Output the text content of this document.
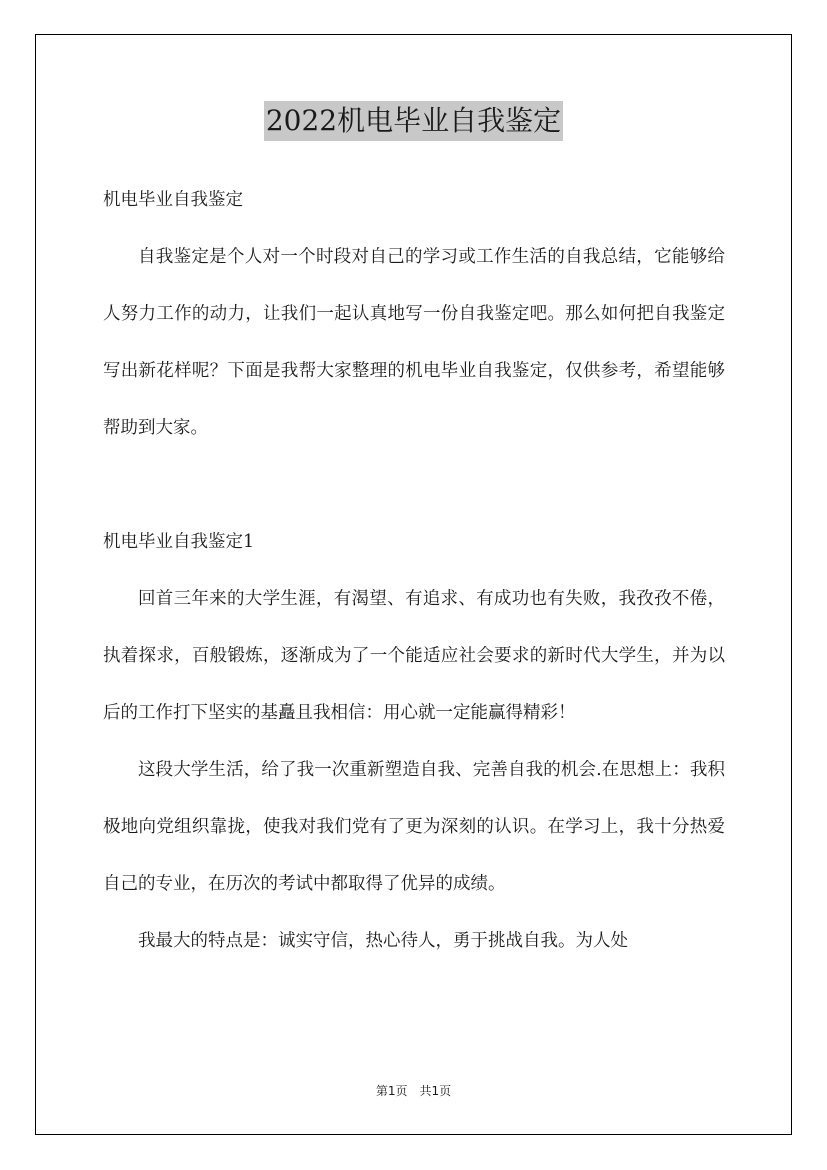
2022机电毕业自我鉴定

机电毕业自我鉴定

自我鉴定是个人对一个时段对自己的学习或工作生活的自我总结，它能够给人努力工作的动力，让我们一起认真地写一份自我鉴定吧。那么如何把自我鉴定写出新花样呢？下面是我帮大家整理的机电毕业自我鉴定，仅供参考，希望能够帮助到大家。

机电毕业自我鉴定1

回首三年来的大学生涯，有渴望、有追求、有成功也有失败，我孜孜不倦，执着探求，百般锻炼，逐渐成为了一个能适应社会要求的新时代大学生，并为以后的工作打下坚实的基矗且我相信：用心就一定能赢得精彩！

这段大学生活，给了我一次重新塑造自我、完善自我的机会.在思想上：我积极地向党组织靠拢，使我对我们党有了更为深刻的认识。在学习上，我十分热爱自己的专业，在历次的考试中都取得了优异的成绩。

我最大的特点是：诚实守信，热心待人，勇于挑战自我。为人处

第1页　共1页
